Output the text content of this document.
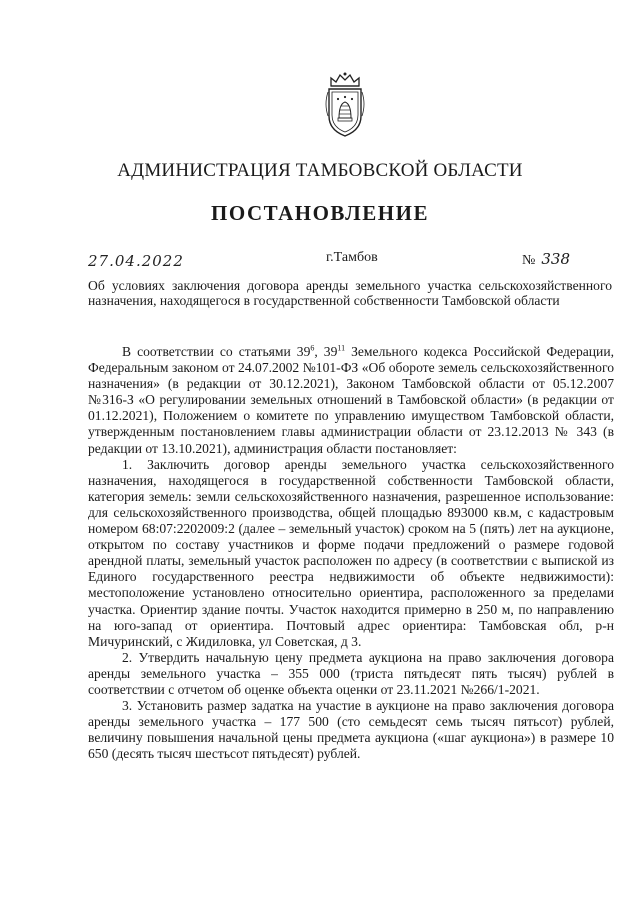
АДМИНИСТРАЦИЯ ТАМБОВСКОЙ ОБЛАСТИ
ПОСТАНОВЛЕНИЕ
27.04.2022	г.Тамбов	№ 338
Об условиях заключения договора аренды земельного участка сельскохозяйственного назначения, находящегося в государственной собственности Тамбовской области

В соответствии со статьями $39^6$, $39^{11}$ Земельного кодекса Российской Федерации, Федеральным законом от 24.07.2002 №101-ФЗ «Об обороте земель сельскохозяйственного назначения» (в редакции от 30.12.2021), Законом Тамбовской области от 05.12.2007 №316-З «О регулировании земельных отношений в Тамбовской области» (в редакции от 01.12.2021), Положением о комитете по управлению имуществом Тамбовской области, утвержденным постановлением главы администрации области от 23.12.2013 № 343 (в редакции от 13.10.2021), администрация области постановляет:

1. Заключить договор аренды земельного участка сельскохозяйственного назначения, находящегося в государственной собственности Тамбовской области, категория земель: земли сельскохозяйственного назначения, разрешенное использование: для сельскохозяйственного производства, общей площадью 893000 кв.м, с кадастровым номером 68:07:2202009:2 (далее – земельный участок) сроком на 5 (пять) лет на аукционе, открытом по составу участников и форме подачи предложений о размере годовой арендной платы, земельный участок расположен по адресу (в соответствии с выпиской из Единого государственного реестра недвижимости об объекте недвижимости): местоположение установлено относительно ориентира, расположенного за пределами участка. Ориентир здание почты. Участок находится примерно в 250 м, по направлению на юго-запад от ориентира. Почтовый адрес ориентира: Тамбовская обл, р-н Мичуринский, с Жидиловка, ул Советская, д 3.

2. Утвердить начальную цену предмета аукциона на право заключения договора аренды земельного участка – 355 000 (триста пятьдесят пять тысяч) рублей в соответствии с отчетом об оценке объекта оценки от 23.11.2021 №266/1-2021.

3. Установить размер задатка на участие в аукционе на право заключения договора аренды земельного участка – 177 500 (сто семьдесят семь тысяч пятьсот) рублей, величину повышения начальной цены предмета аукциона («шаг аукциона») в размере 10 650 (десять тысяч шестьсот пятьдесят) рублей.
